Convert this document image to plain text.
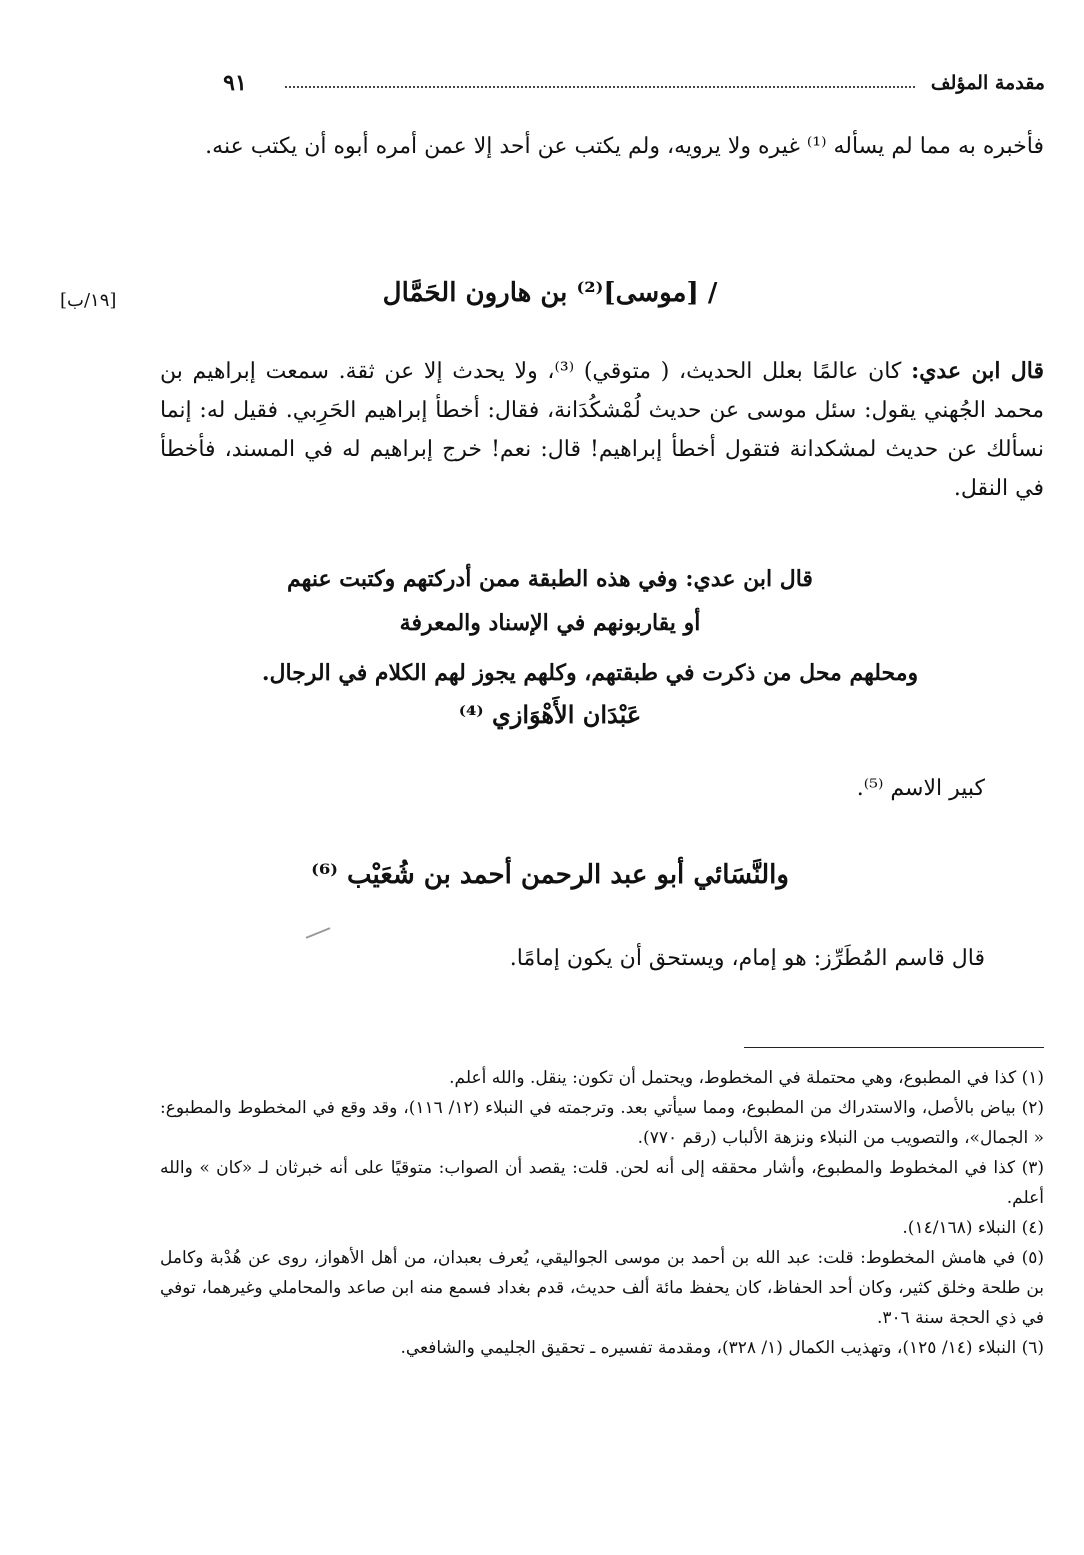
مقدمة المؤلف
٩١
فأخبره به مما لم يسأله ⁽¹⁾ غيره ولا يرويه، ولم يكتب عن أحد إلا عمن أمره أبوه أن يكتب عنه.
[١٩/ب]	/ [موسى]⁽²⁾ بن هارون الحَمَّال
قال ابن عدي: كان عالمًا بعلل الحديث، ( متوقي) ⁽³⁾، ولا يحدث إلا عن ثقة. سمعت إبراهيم بن محمد الجُهني يقول: سئل موسى عن حديث لُمْشكُدَانة، فقال: أخطأ إبراهيم الحَرِبي. فقيل له: إنما نسألك عن حديث لمشكدانة فتقول أخطأ إبراهيم! قال: نعم! خرج إبراهيم له في المسند، فأخطأ في النقل.
قال ابن عدي: وفي هذه الطبقة ممن أدركتهم وكتبت عنهم
أو يقاربونهم في الإسناد والمعرفة
ومحلهم محل من ذكرت في طبقتهم، وكلهم يجوز لهم الكلام في الرجال.
عَبْدَان الأَهْوَازي ⁽⁴⁾
كبير الاسم ⁽⁵⁾.
والنَّسَائي أبو عبد الرحمن أحمد بن شُعَيْب ⁽⁶⁾
قال قاسم المُطَرِّز: هو إمام، ويستحق أن يكون إمامًا.

(١) كذا في المطبوع، وهي محتملة في المخطوط، ويحتمل أن تكون: ينقل. والله أعلم.

(٢) بياض بالأصل، والاستدراك من المطبوع، ومما سيأتي بعد. وترجمته في النبلاء (١٢/ ١١٦)، وقد وقع في المخطوط والمطبوع: « الجمال»، والتصويب من النبلاء ونزهة الألباب (رقم ٧٧٠).

(٣) كذا في المخطوط والمطبوع، وأشار محققه إلى أنه لحن. قلت: يقصد أن الصواب: متوقيًا على أنه خبرثان لـ «كان » والله أعلم.

(٤) النبلاء (١٤/١٦٨).

(٥) في هامش المخطوط: قلت: عبد الله بن أحمد بن موسى الجواليقي، يُعرف بعبدان، من أهل الأهواز، روى عن هُدْبة وكامل بن طلحة وخلق كثير، وكان أحد الحفاظ، كان يحفظ مائة ألف حديث، قدم بغداد فسمع منه ابن صاعد والمحاملي وغيرهما، توفي في ذي الحجة سنة ٣٠٦.

(٦) النبلاء (١٤/ ١٢٥)، وتهذيب الكمال (١/ ٣٢٨)، ومقدمة تفسيره ـ تحقيق الجليمي والشافعي.
